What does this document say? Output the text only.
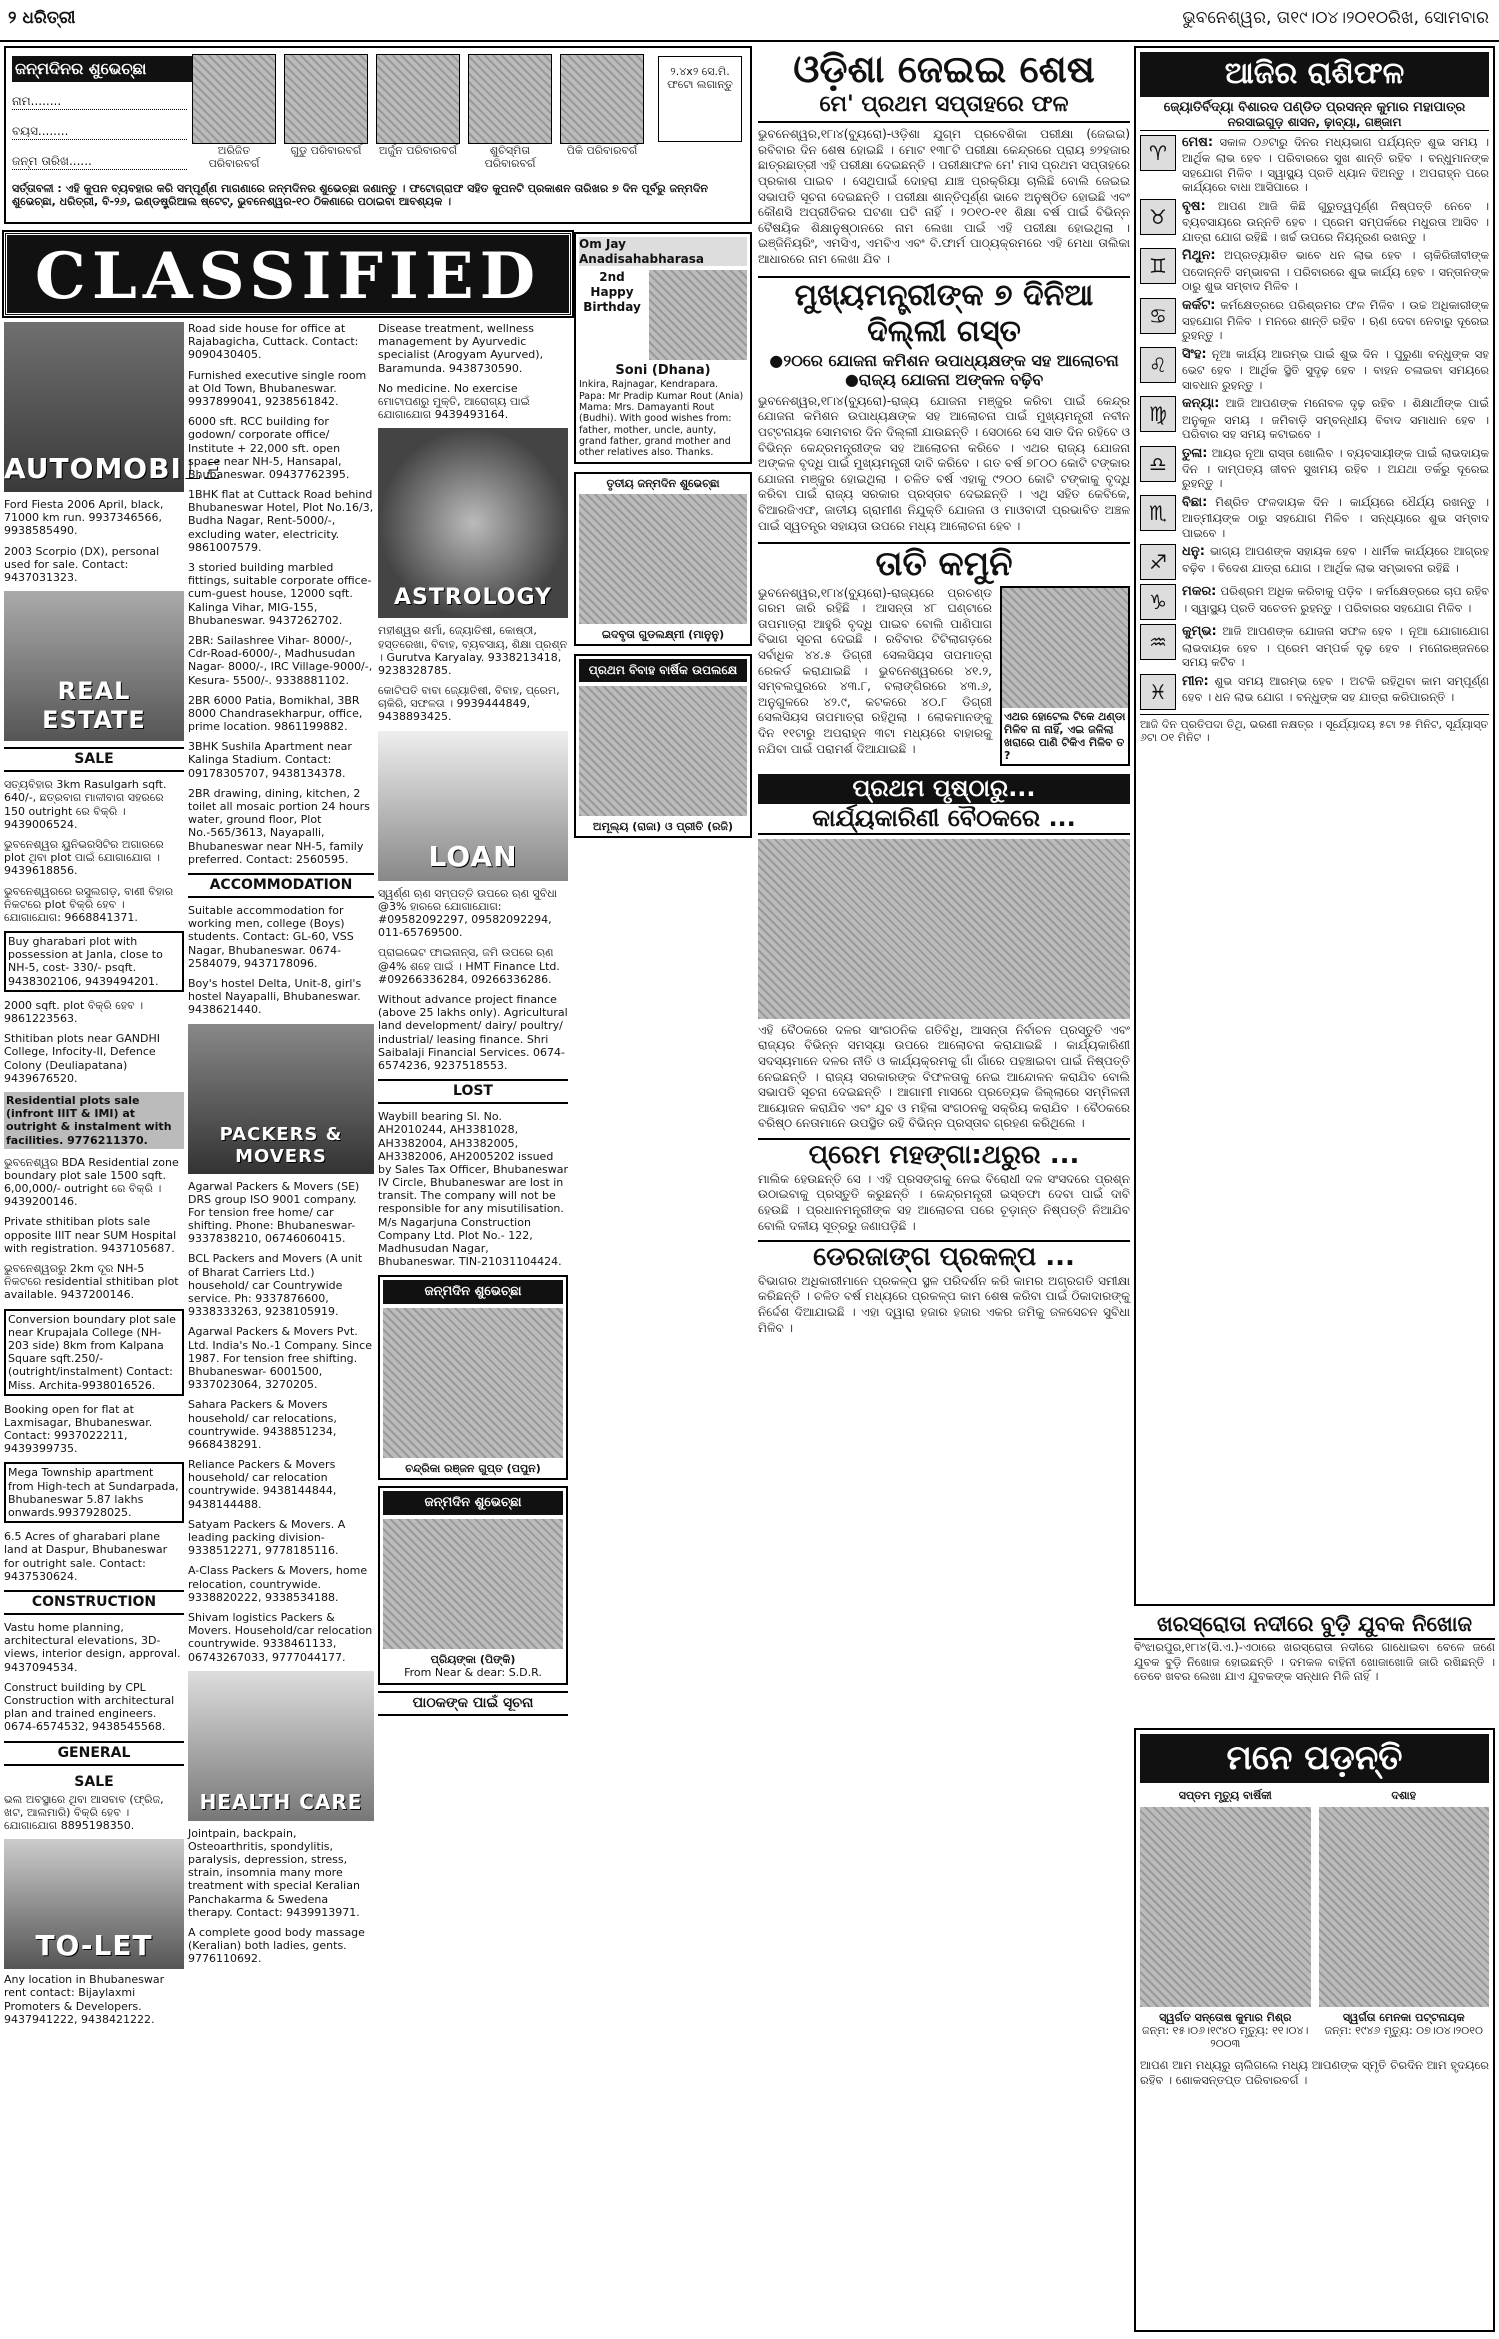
୨ ଧରିତ୍ରୀ	ଭୁବନେଶ୍ୱର, ତା୧୯।୦୪।୨୦୧୦ରିଖ, ସୋମବାର
ଜନ୍ମଦିନର ଶୁଭେଚ୍ଛା
ନାମ........
ବୟସ........
ଜନ୍ମ ତାରିଖ......
ଅରିଜିତ ପରିବାରବର୍ଗ
ଗୁଡୁ ପରିବାରବର୍ଗ	ଅର୍ଜୁନ ପରିବାରବର୍ଗ	ଶୁଚିସ୍ମିତା ପରିବାରବର୍ଗ
ପିକି ପରିବାରବର୍ଗ
୨.୪x୨ ସେ.ମି. ଫଟୋ ଲଗାନ୍ତୁ
ସର୍ତ୍ତାବଳୀ : ଏହି କୁପନ ବ୍ୟବହାର କରି ସମ୍ପୂର୍ଣ୍ଣ ମାଗଣାରେ ଜନ୍ମଦିନର ଶୁଭେଚ୍ଛା ଜଣାନ୍ତୁ । ଫଟୋଗ୍ରାଫ ସହିତ କୁପନଟି ପ୍ରକାଶନ ତାରିଖର ୭ ଦିନ ପୂର୍ବରୁ ଜନ୍ମଦିନ ଶୁଭେଚ୍ଛା, ଧରିତ୍ରୀ, ବି-୨୬, ଇଣ୍ଡଷ୍ଟ୍ରିଆଲ ଷ୍ଟେଟ୍, ଭୁବନେଶ୍ୱର-୧୦ ଠିକଣାରେ ପଠାଇବା ଆବଶ୍ୟକ ।
CLASSIFIED
AUTOMOBILE
Ford Fiesta 2006 April, black, 71000 km run. 9937346566, 9938585490.
2003 Scorpio (DX), personal used for sale. Contact: 9437031323.
REAL ESTATE
SALE
ସତ୍ୟବିହାର 3km Rasulgarh sqft. 640/-, ଛତ୍ରବାଗ ମାଳୀବାଗ ସହରରେ 150 outright ରେ ବିକ୍ରି । 9439006524.
ଭୁବନେଶ୍ୱର ୟୁନିଭରସିଟିର ଅଗାରରେ plot ଥିବା plot ପାଇଁ ଯୋଗାଯୋଗ । 9439618856.
ଭୁବନେଶ୍ୱରରେ ରସୁଲଗଡ଼, ବାଣୀ ବିହାର ନିକଟରେ plot ବିକ୍ରି ହେବ । ଯୋଗାଯୋଗ: 9668841371.
Buy gharabari plot with possession at Janla, close to NH-5, cost- 330/- psqft. 9438302106, 9439494201.
2000 sqft. plot ବିକ୍ରି ହେବ । 9861223563.
Sthitiban plots near GANDHI College, Infocity-II, Defence Colony (Deuliapatana) 9439676520.
Residential plots sale (infront IIIT & IMI) at outright & instalment with facilities. 9776211370.
ଭୁବନେଶ୍ୱର BDA Residential zone boundary plot sale 1500 sqft. 6,00,000/- outright ରେ ବିକ୍ରି । 9439200146.
Private sthitiban plots sale opposite IIIT near SUM Hospital with registration. 9437105687.
ଭୁବନେଶ୍ୱରରୁ 2km ଦୂର NH-5 ନିକଟରେ residential sthitiban plot available. 9437200146.
Conversion boundary plot sale near Krupajala College (NH-203 side) 8km from Kalpana Square sqft.250/-(outright/instalment) Contact: Miss. Archita-9938016526.
Booking open for flat at Laxmisagar, Bhubaneswar. Contact: 9937022211, 9439399735.
Mega Township apartment from High-tech at Sundarpada, Bhubaneswar 5.87 lakhs onwards.9937928025.
6.5 Acres of gharabari plane land at Daspur, Bhubaneswar for outright sale. Contact: 9437530624.
CONSTRUCTION
Vastu home planning, architectural elevations, 3D-views, interior design, approval. 9437094534.
Construct building by CPL Construction with architectural plan and trained engineers. 0674-6574532, 9438545568.
GENERAL
SALE
ଭଲ ଅବସ୍ଥାରେ ଥିବା ଆସବାବ (ଫ୍ରିଜ, ଖଟ, ଆଲମାରି) ବିକ୍ରି ହେବ । ଯୋଗାଯୋଗ 8895198350.
TO-LET
Any location in Bhubaneswar rent contact: Bijaylaxmi Promoters & Developers. 9437941222, 9438421222.
Road side house for office at Rajabagicha, Cuttack. Contact: 9090430405.
Furnished executive single room at Old Town, Bhubaneswar. 9937899041, 9238561842.
6000 sft. RCC building for godown/ corporate office/ Institute + 22,000 sft. open space near NH-5, Hansapal, Bhubaneswar. 09437762395.
1BHK flat at Cuttack Road behind Bhubaneswar Hotel, Plot No.16/3, Budha Nagar, Rent-5000/-, excluding water, electricity. 9861007579.
3 storied building marbled fittings, suitable corporate office-cum-guest house, 12000 sqft. Kalinga Vihar, MIG-155, Bhubaneswar. 9437262702.
2BR: Sailashree Vihar- 8000/-, Cdr-Road-6000/-, Madhusudan Nagar- 8000/-, IRC Village-9000/-, Kesura- 5500/-. 9338881102.
2BR 6000 Patia, Bomikhal, 3BR 8000 Chandrasekharpur, office, prime location. 9861199882.
3BHK Sushila Apartment near Kalinga Stadium. Contact: 09178305707, 9438134378.
2BR drawing, dining, kitchen, 2 toilet all mosaic portion 24 hours water, ground floor, Plot No.-565/3613, Nayapalli, Bhubaneswar near NH-5, family preferred. Contact: 2560595.
ACCOMMODATION
Suitable accommodation for working men, college (Boys) students. Contact: GL-60, VSS Nagar, Bhubaneswar. 0674-2584079, 9437178096.
Boy's hostel Delta, Unit-8, girl's hostel Nayapalli, Bhubaneswar. 9438621440.
PACKERS & MOVERS
Agarwal Packers & Movers (SE) DRS group ISO 9001 company. For tension free home/ car shifting. Phone: Bhubaneswar- 9337838210, 06746060415.
BCL Packers and Movers (A unit of Bharat Carriers Ltd.) household/ car Countrywide service. Ph: 9337876600, 9338333263, 9238105919.
Agarwal Packers & Movers Pvt. Ltd. India's No.-1 Company. Since 1987. For tension free shifting. Bhubaneswar- 6001500, 9337023064, 3270205.
Sahara Packers & Movers household/ car relocations, countrywide. 9438851234, 9668438291.
Reliance Packers & Movers household/ car relocation countrywide. 9438144844, 9438144488.
Satyam Packers & Movers. A leading packing division- 9338512271, 9778185116.
A-Class Packers & Movers, home relocation, countrywide. 9338820222, 9338534188.
Shivam logistics Packers & Movers. Household/car relocation countrywide. 9338461133, 06743267033, 9777044177.
HEALTH CARE
Jointpain, backpain, Osteoarthritis, spondylitis, paralysis, depression, stress, strain, insomnia many more treatment with special Keralian Panchakarma & Swedena therapy. Contact: 9439913971.
A complete good body massage (Keralian) both ladies, gents. 9776110692.
Disease treatment, wellness management by Ayurvedic specialist (Arogyam Ayurved), Baramunda. 9438730590.
No medicine. No exercise ମୋଟାପଣରୁ ମୁକ୍ତି, ଆରୋଗ୍ୟ ପାଇଁ ଯୋଗାଯୋଗ 9439493164.
ASTROLOGY
ମହୀଶ୍ୱର ଶର୍ମା, ଜ୍ୟୋତିଷୀ, କୋଷ୍ଠୀ, ହସ୍ତରେଖା, ବିବାହ, ବ୍ୟବସାୟ, ଶିକ୍ଷା ପ୍ରଶ୍ନ । Gurutva Karyalay. 9338213418, 9238328785.
କୋଟିପତି ବାବା ଜ୍ୟୋତିଷୀ, ବିବାହ, ପ୍ରେମ, ଚାକିରି, ସଫଳତା । 9939444849, 9438893425.
LOAN
ସ୍ୱର୍ଣ୍ଣ ଋଣ ସମ୍ପତ୍ତି ଉପରେ ଋଣ ସୁବିଧା @3% ହାରରେ ଯୋଗାଯୋଗ: #09582092297, 09582092294, 011-65769500.
ପ୍ରାଇଭେଟ ଫାଇନାନ୍ସ, ଜମି ଉପରେ ଋଣ @4% ଶହେ ପାଇଁ । HMT Finance Ltd. #09266336284, 09266336286.
Without advance project finance (above 25 lakhs only). Agricultural land development/ dairy/ poultry/ industrial/ leasing finance. Shri Saibalaji Financial Services. 0674-6574236, 9237518553.
LOST
Waybill bearing Sl. No. AH2010244, AH3381028, AH3382004, AH3382005, AH3382006, AH2005202 issued by Sales Tax Officer, Bhubaneswar IV Circle, Bhubaneswar are lost in transit. The company will not be responsible for any misutilisation. M/s Nagarjuna Construction Company Ltd. Plot No.- 122, Madhusudan Nagar, Bhubaneswar. TIN-21031104424.
ଜନ୍ମଦିନ ଶୁଭେଚ୍ଛା
ଚନ୍ଦ୍ରିକା ରଞ୍ଜନ ଗୁପ୍ତ (ପପୁନ)
ଜନ୍ମଦିନ ଶୁଭେଚ୍ଛା
ପ୍ରିୟଙ୍କା (ପିଙ୍କି)
From Near & dear: S.D.R.
ପାଠକଙ୍କ ପାଇଁ ସୂଚନା
Om Jay Anadisahabharasa
2nd Happy Birthday
Soni (Dhana)
Inkira, Rajnagar, Kendrapara. Papa: Mr Pradip Kumar Rout (Ania) Mama: Mrs. Damayanti Rout (Budhi). With good wishes from: father, mother, uncle, aunty, grand father, grand mother and other relatives also. Thanks.
ତୃତୀୟ ଜନ୍ମଦିନ ଶୁଭେଚ୍ଛା
ଇଦବୃତା ଗୁଡଲକ୍ଷ୍ମୀ (ମାନୁନୁ)
ପ୍ରଥମ ବିବାହ ବାର୍ଷିକ ଉପଲକ୍ଷେ
ଅମୂଲ୍ୟ (ରାଜା) ଓ ପ୍ରୀତି (ରଜି)
ଓଡ଼ିଶା ଜେଇଇ ଶେଷ
ମେ' ପ୍ରଥମ ସପ୍ତାହରେ ଫଳ
ଭୁବନେଶ୍ୱର,୧୮ା୪(ବ୍ୟୁରୋ)-ଓଡ଼ିଶା ଯୁଗ୍ମ ପ୍ରବେଶିକା ପରୀକ୍ଷା (ଜେଇଇ) ରବିବାର ଦିନ ଶେଷ ହୋଇଛି । ମୋଟ ୧୩୮ଟି ପରୀକ୍ଷା କେନ୍ଦ୍ରରେ ପ୍ରାୟ ୭୨ହଜାର ଛାତ୍ରଛାତ୍ରୀ ଏହି ପରୀକ୍ଷା ଦେଇଛନ୍ତି । ପରୀକ୍ଷାଫଳ ମେ' ମାସ ପ୍ରଥମ ସପ୍ତାହରେ ପ୍ରକାଶ ପାଇବ । ସେଥିପାଇଁ ଦୋହରା ଯାଞ୍ଚ ପ୍ରକ୍ରିୟା ଚାଲିଛି ବୋଲି ଜେଇଇ ସଭାପତି ସୂଚନା ଦେଇଛନ୍ତି । ପରୀକ୍ଷା ଶାନ୍ତିପୂର୍ଣ୍ଣ ଭାବେ ଅନୁଷ୍ଠିତ ହୋଇଛି ଏବଂ କୌଣସି ଅପ୍ରୀତିକର ଘଟଣା ଘଟି ନାହିଁ । ୨୦୧୦-୧୧ ଶିକ୍ଷା ବର୍ଷ ପାଇଁ ବିଭିନ୍ନ ବୈଷୟିକ ଶିକ୍ଷାନୁଷ୍ଠାନରେ ନାମ ଲେଖା ପାଇଁ ଏହି ପରୀକ୍ଷା ହୋଇଥିଲା । ଇଞ୍ଜିନିୟରିଂ, ଏମସିଏ, ଏମବିଏ ଏବଂ ବି.ଫାର୍ମ ପାଠ୍ୟକ୍ରମରେ ଏହି ମେଧା ତାଲିକା ଆଧାରରେ ନାମ ଲେଖା ଯିବ ।
ମୁଖ୍ୟମନ୍ତ୍ରୀଙ୍କ ୭ ଦିନିଆ ଦିଲ୍ଲୀ ଗସ୍ତ
●୨୦ରେ ଯୋଜନା କମିଶନ ଉପାଧ୍ୟକ୍ଷଙ୍କ ସହ ଆଲୋଚନା ●ରାଜ୍ୟ ଯୋଜନା ଅଙ୍କଳ ବଢ଼ିବ
ଭୁବନେଶ୍ୱର,୧୮ା୪(ବ୍ୟୁରୋ)-ରାଜ୍ୟ ଯୋଜନା ମଞ୍ଜୁର କରିବା ପାଇଁ କେନ୍ଦ୍ର ଯୋଜନା କମିଶନ ଉପାଧ୍ୟକ୍ଷଙ୍କ ସହ ଆଲୋଚନା ପାଇଁ ମୁଖ୍ୟମନ୍ତ୍ରୀ ନବୀନ ପଟ୍ଟନାୟକ ସୋମବାର ଦିନ ଦିଲ୍ଲୀ ଯାଉଛନ୍ତି । ସେଠାରେ ସେ ସାତ ଦିନ ରହିବେ ଓ ବିଭିନ୍ନ କେନ୍ଦ୍ରମନ୍ତ୍ରୀଙ୍କ ସହ ଆଲୋଚନା କରିବେ । ଏଥର ରାଜ୍ୟ ଯୋଜନା ଅଙ୍କଳ ବୃଦ୍ଧି ପାଇଁ ମୁଖ୍ୟମନ୍ତ୍ରୀ ଦାବି କରିବେ । ଗତ ବର୍ଷ ୭୮୦୦ କୋଟି ଟଙ୍କାର ଯୋଜନା ମଞ୍ଜୁର ହୋଇଥିଲା । ଚଳିତ ବର୍ଷ ଏହାକୁ ୯୨୦୦ କୋଟି ଟଙ୍କାକୁ ବୃଦ୍ଧି କରିବା ପାଇଁ ରାଜ୍ୟ ସରକାର ପ୍ରସ୍ତାବ ଦେଇଛନ୍ତି । ଏଥି ସହିତ କେବିକେ, ବିଆରଜିଏଫ, ଜାତୀୟ ଗ୍ରାମୀଣ ନିଯୁକ୍ତି ଯୋଜନା ଓ ମାଓବାଦୀ ପ୍ରଭାବିତ ଅଞ୍ଚଳ ପାଇଁ ସ୍ୱତନ୍ତ୍ର ସହାୟତା ଉପରେ ମଧ୍ୟ ଆଲୋଚନା ହେବ ।
ତାତି କମୁନି
ଭୁବନେଶ୍ୱର,୧୮ା୪(ବ୍ୟୁରୋ)-ରାଜ୍ୟରେ ପ୍ରଚଣ୍ଡ ଗରମ ଜାରି ରହିଛି । ଆସନ୍ତା ୪୮ ଘଣ୍ଟାରେ ତାପମାତ୍ରା ଆହୁରି ବୃଦ୍ଧି ପାଇବ ବୋଲି ପାଣିପାଗ ବିଭାଗ ସୂଚନା ଦେଇଛି । ରବିବାର ଟିଟିଲାଗଡ଼ରେ ସର୍ବାଧିକ ୪୪.୫ ଡିଗ୍ରୀ ସେଲସିୟସ ତାପମାତ୍ରା ରେକର୍ଡ କରାଯାଇଛି । ଭୁବନେଶ୍ୱରରେ ୪୧.୨, ସମ୍ବଲପୁରରେ ୪୩.୮, ବଲାଙ୍ଗିରରେ ୪୩.୬, ଅନୁଗୁଳରେ ୪୨.୯, କଟକରେ ୪୦.୮ ଡିଗ୍ରୀ ସେଲସିୟସ ତାପମାତ୍ରା ରହିଥିଲା । ଲୋକମାନଙ୍କୁ ଦିନ ୧୧ଟାରୁ ଅପରାହ୍ନ ୩ଟା ମଧ୍ୟରେ ବାହାରକୁ ନଯିବା ପାଇଁ ପରାମର୍ଶ ଦିଆଯାଇଛି ।
ଏଥର ହୋଟେଲ ଟିକେ ଥଣ୍ଡା ମିଳିବ ନା ନାହିଁ, ଏଇ ଜଳିଲା ଖରାରେ ପାଣି ଟିକିଏ ମିଳିବ ତ ?
ପ୍ରଥମ ପୃଷ୍ଠାରୁ...
କାର୍ଯ୍ୟକାରିଣୀ ବୈଠକରେ ...
ଏହି ବୈଠକରେ ଦଳର ସାଂଗଠନିକ ଗତିବିଧି, ଆସନ୍ତା ନିର୍ବାଚନ ପ୍ରସ୍ତୁତି ଏବଂ ରାଜ୍ୟର ବିଭିନ୍ନ ସମସ୍ୟା ଉପରେ ଆଲୋଚନା କରାଯାଇଛି । କାର୍ଯ୍ୟକାରିଣୀ ସଦସ୍ୟମାନେ ଦଳର ନୀତି ଓ କାର୍ଯ୍ୟକ୍ରମକୁ ଗାଁ ଗାଁରେ ପହଞ୍ଚାଇବା ପାଇଁ ନିଷ୍ପତ୍ତି ନେଇଛନ୍ତି । ରାଜ୍ୟ ସରକାରଙ୍କ ବିଫଳତାକୁ ନେଇ ଆନ୍ଦୋଳନ କରାଯିବ ବୋଲି ସଭାପତି ସୂଚନା ଦେଇଛନ୍ତି । ଆଗାମୀ ମାସରେ ପ୍ରତ୍ୟେକ ଜିଲ୍ଲାରେ ସମ୍ମିଳନୀ ଆୟୋଜନ କରାଯିବ ଏବଂ ଯୁବ ଓ ମହିଳା ସଂଗଠନକୁ ସକ୍ରିୟ କରାଯିବ । ବୈଠକରେ ବରିଷ୍ଠ ନେତାମାନେ ଉପସ୍ଥିତ ରହି ବିଭିନ୍ନ ପ୍ରସ୍ତାବ ଗ୍ରହଣ କରିଥିଲେ ।
ପ୍ରେମ ମହଙ୍ଗା:ଥରୁର ...
ମାଲିକ ହେଉଛନ୍ତି ସେ । ଏହି ପ୍ରସଙ୍ଗକୁ ନେଇ ବିରୋଧୀ ଦଳ ସଂସଦରେ ପ୍ରଶ୍ନ ଉଠାଇବାକୁ ପ୍ରସ୍ତୁତି କରୁଛନ୍ତି । କେନ୍ଦ୍ରମନ୍ତ୍ରୀ ଇସ୍ତଫା ଦେବା ପାଇଁ ଦାବି ହେଉଛି । ପ୍ରଧାନମନ୍ତ୍ରୀଙ୍କ ସହ ଆଲୋଚନା ପରେ ଚୂଡ଼ାନ୍ତ ନିଷ୍ପତ୍ତି ନିଆଯିବ ବୋଲି ଦଳୀୟ ସୂତ୍ରରୁ ଜଣାପଡ଼ିଛି ।
ଡେରଜାଙ୍ଗ ପ୍ରକଳ୍ପ ...
ବିଭାଗର ଅଧିକାରୀମାନେ ପ୍ରକଳ୍ପ ସ୍ଥଳ ପରିଦର୍ଶନ କରି କାମର ଅଗ୍ରଗତି ସମୀକ୍ଷା କରିଛନ୍ତି । ଚଳିତ ବର୍ଷ ମଧ୍ୟରେ ପ୍ରକଳ୍ପ କାମ ଶେଷ କରିବା ପାଇଁ ଠିକାଦାରଙ୍କୁ ନିର୍ଦ୍ଦେଶ ଦିଆଯାଇଛି । ଏହା ଦ୍ୱାରା ହଜାର ହଜାର ଏକର ଜମିକୁ ଜଳସେଚନ ସୁବିଧା ମିଳିବ ।
ଆଜିର ରାଶିଫଳ
ଜ୍ୟୋତିର୍ବିଦ୍ୟା ବିଶାରଦ ପଣ୍ଡିତ ପ୍ରସନ୍ନ କୁମାର ମହାପାତ୍ର
ନରସାଇଗୁଡ଼ ଶାସନ, ଢ଼ାବ୍ୟା, ଗଞ୍ଜାମ
♈	ମେଷ: ସକାଳ ୦୬ଟାରୁ ଦିନର ମଧ୍ୟଭାଗ ପର୍ଯ୍ୟନ୍ତ ଶୁଭ ସମୟ । ଆର୍ଥିକ ଲାଭ ହେବ । ପରିବାରରେ ସୁଖ ଶାନ୍ତି ରହିବ । ବନ୍ଧୁମାନଙ୍କ ସହଯୋଗ ମିଳିବ । ସ୍ୱାସ୍ଥ୍ୟ ପ୍ରତି ଧ୍ୟାନ ଦିଅନ୍ତୁ । ଅପରାହ୍ନ ପରେ କାର୍ଯ୍ୟରେ ବାଧା ଆସିପାରେ ।
♉	ବୃଷ: ଆପଣ ଆଜି କିଛି ଗୁରୁତ୍ୱପୂର୍ଣ୍ଣ ନିଷ୍ପତ୍ତି ନେବେ । ବ୍ୟବସାୟରେ ଉନ୍ନତି ହେବ । ପ୍ରେମ ସମ୍ପର୍କରେ ମଧୁରତା ଆସିବ । ଯାତ୍ରା ଯୋଗ ରହିଛି । ଖର୍ଚ୍ଚ ଉପରେ ନିୟନ୍ତ୍ରଣ ରଖନ୍ତୁ ।
♊	ମିଥୁନ: ଅପ୍ରତ୍ୟାଶିତ ଭାବେ ଧନ ଲାଭ ହେବ । ଚାକିରିଜୀବୀଙ୍କ ପଦୋନ୍ନତି ସମ୍ଭାବନା । ପରିବାରରେ ଶୁଭ କାର୍ଯ୍ୟ ହେବ । ସନ୍ତାନଙ୍କ ଠାରୁ ଶୁଭ ସମ୍ବାଦ ମିଳିବ ।
♋	କର୍କଟ: କର୍ମକ୍ଷେତ୍ରରେ ପରିଶ୍ରମର ଫଳ ମିଳିବ । ଉଚ୍ଚ ଅଧିକାରୀଙ୍କ ସହଯୋଗ ମିଳିବ । ମନରେ ଶାନ୍ତି ରହିବ । ଋଣ ଦେବା ନେବାରୁ ଦୂରେଇ ରୁହନ୍ତୁ ।
♌	ସିଂହ: ନୂଆ କାର୍ଯ୍ୟ ଆରମ୍ଭ ପାଇଁ ଶୁଭ ଦିନ । ପୁରୁଣା ବନ୍ଧୁଙ୍କ ସହ ଭେଟ ହେବ । ଆର୍ଥିକ ସ୍ଥିତି ସୁଦୃଢ଼ ହେବ । ବାହନ ଚଳାଇବା ସମୟରେ ସାବଧାନ ରୁହନ୍ତୁ ।
♍	କନ୍ୟା: ଆଜି ଆପଣଙ୍କ ମନୋବଳ ଦୃଢ଼ ରହିବ । ଶିକ୍ଷାର୍ଥୀଙ୍କ ପାଇଁ ଅନୁକୂଳ ସମୟ । ଜମିବାଡ଼ି ସମ୍ବନ୍ଧୀୟ ବିବାଦ ସମାଧାନ ହେବ । ପରିବାର ସହ ସମୟ କଟାଇବେ ।
♎	ତୁଳା: ଆୟର ନୂଆ ରାସ୍ତା ଖୋଲିବ । ବ୍ୟବସାୟୀଙ୍କ ପାଇଁ ଲାଭଦାୟକ ଦିନ । ଦାମ୍ପତ୍ୟ ଜୀବନ ସୁଖମୟ ରହିବ । ଅଯଥା ତର୍କରୁ ଦୂରେଇ ରୁହନ୍ତୁ ।
♏	ବିଛା: ମିଶ୍ରିତ ଫଳଦାୟକ ଦିନ । କାର୍ଯ୍ୟରେ ଧୈର୍ଯ୍ୟ ରଖନ୍ତୁ । ଆତ୍ମୀୟଙ୍କ ଠାରୁ ସହଯୋଗ ମିଳିବ । ସନ୍ଧ୍ୟାରେ ଶୁଭ ସମ୍ବାଦ ପାଇବେ ।
♐	ଧନୁ: ଭାଗ୍ୟ ଆପଣଙ୍କ ସହାୟକ ହେବ । ଧାର୍ମିକ କାର୍ଯ୍ୟରେ ଆଗ୍ରହ ବଢ଼ିବ । ବିଦେଶ ଯାତ୍ରା ଯୋଗ । ଆର୍ଥିକ ଲାଭ ସମ୍ଭାବନା ରହିଛି ।
♑	ମକର: ପରିଶ୍ରମ ଅଧିକ କରିବାକୁ ପଡ଼ିବ । କର୍ମକ୍ଷେତ୍ରରେ ଚାପ ରହିବ । ସ୍ୱାସ୍ଥ୍ୟ ପ୍ରତି ସଚେତନ ରୁହନ୍ତୁ । ପରିବାରର ସହଯୋଗ ମିଳିବ ।
♒	କୁମ୍ଭ: ଆଜି ଆପଣଙ୍କ ଯୋଜନା ସଫଳ ହେବ । ନୂଆ ଯୋଗାଯୋଗ ଲାଭଦାୟକ ହେବ । ପ୍ରେମ ସମ୍ପର୍କ ଦୃଢ଼ ହେବ । ମନୋରଞ୍ଜନରେ ସମୟ କଟିବ ।
♓	ମୀନ: ଶୁଭ ସମୟ ଆରମ୍ଭ ହେବ । ଅଟକି ରହିଥିବା କାମ ସମ୍ପୂର୍ଣ୍ଣ ହେବ । ଧନ ଲାଭ ଯୋଗ । ବନ୍ଧୁଙ୍କ ସହ ଯାତ୍ରା କରିପାରନ୍ତି ।
ଆଜି ଦିନ ପ୍ରତିପଦା ତିଥି, ଭରଣୀ ନକ୍ଷତ୍ର । ସୂର୍ଯ୍ୟୋଦୟ ୫ଟା ୨୫ ମିନିଟ, ସୂର୍ଯ୍ୟାସ୍ତ ୬ଟା ୦୧ ମିନିଟ ।
ଖରସ୍ରୋତା ନଦୀରେ ବୁଡ଼ି ଯୁବକ ନିଖୋଜ
ବିଂଝାରପୁର,୧୮ା୪(ସି.ଏ.)-ଏଠାରେ ଖରସ୍ରୋତା ନଦୀରେ ଗାଧୋଇବା ବେଳେ ଜଣେ ଯୁବକ ବୁଡ଼ି ନିଖୋଜ ହୋଇଛନ୍ତି । ଦମକଳ ବାହିନୀ ଖୋଜାଖୋଜି ଜାରି ରଖିଛନ୍ତି । ତେବେ ଖବର ଲେଖା ଯାଏ ଯୁବକଙ୍କ ସନ୍ଧାନ ମିଳି ନାହିଁ ।
ମନେ ପଡ଼ନ୍ତି
ସପ୍ତମ ମୃତ୍ୟୁ ବାର୍ଷିକୀ
ସ୍ୱର୍ଗତ ସନ୍ତୋଷ କୁମାର ମିଶ୍ର
ଜନ୍ମ: ୧୫।୦୬।୧୯୪୦ ମୃତ୍ୟୁ: ୧୧।୦୪।୨୦୦୩
ଦଶାହ
ସ୍ୱର୍ଗତା ମେନକା ପଟ୍ଟନାୟକ
ଜନ୍ମ: ୧୯୪୬ ମୃତ୍ୟୁ: ୦୭।୦୪।୨୦୧୦
ଆପଣ ଆମ ମଧ୍ୟରୁ ଚାଲିଗଲେ ମଧ୍ୟ ଆପଣଙ୍କ ସ୍ମୃତି ଚିରଦିନ ଆମ ହୃଦୟରେ ରହିବ । ଶୋକସନ୍ତପ୍ତ ପରିବାରବର୍ଗ ।
